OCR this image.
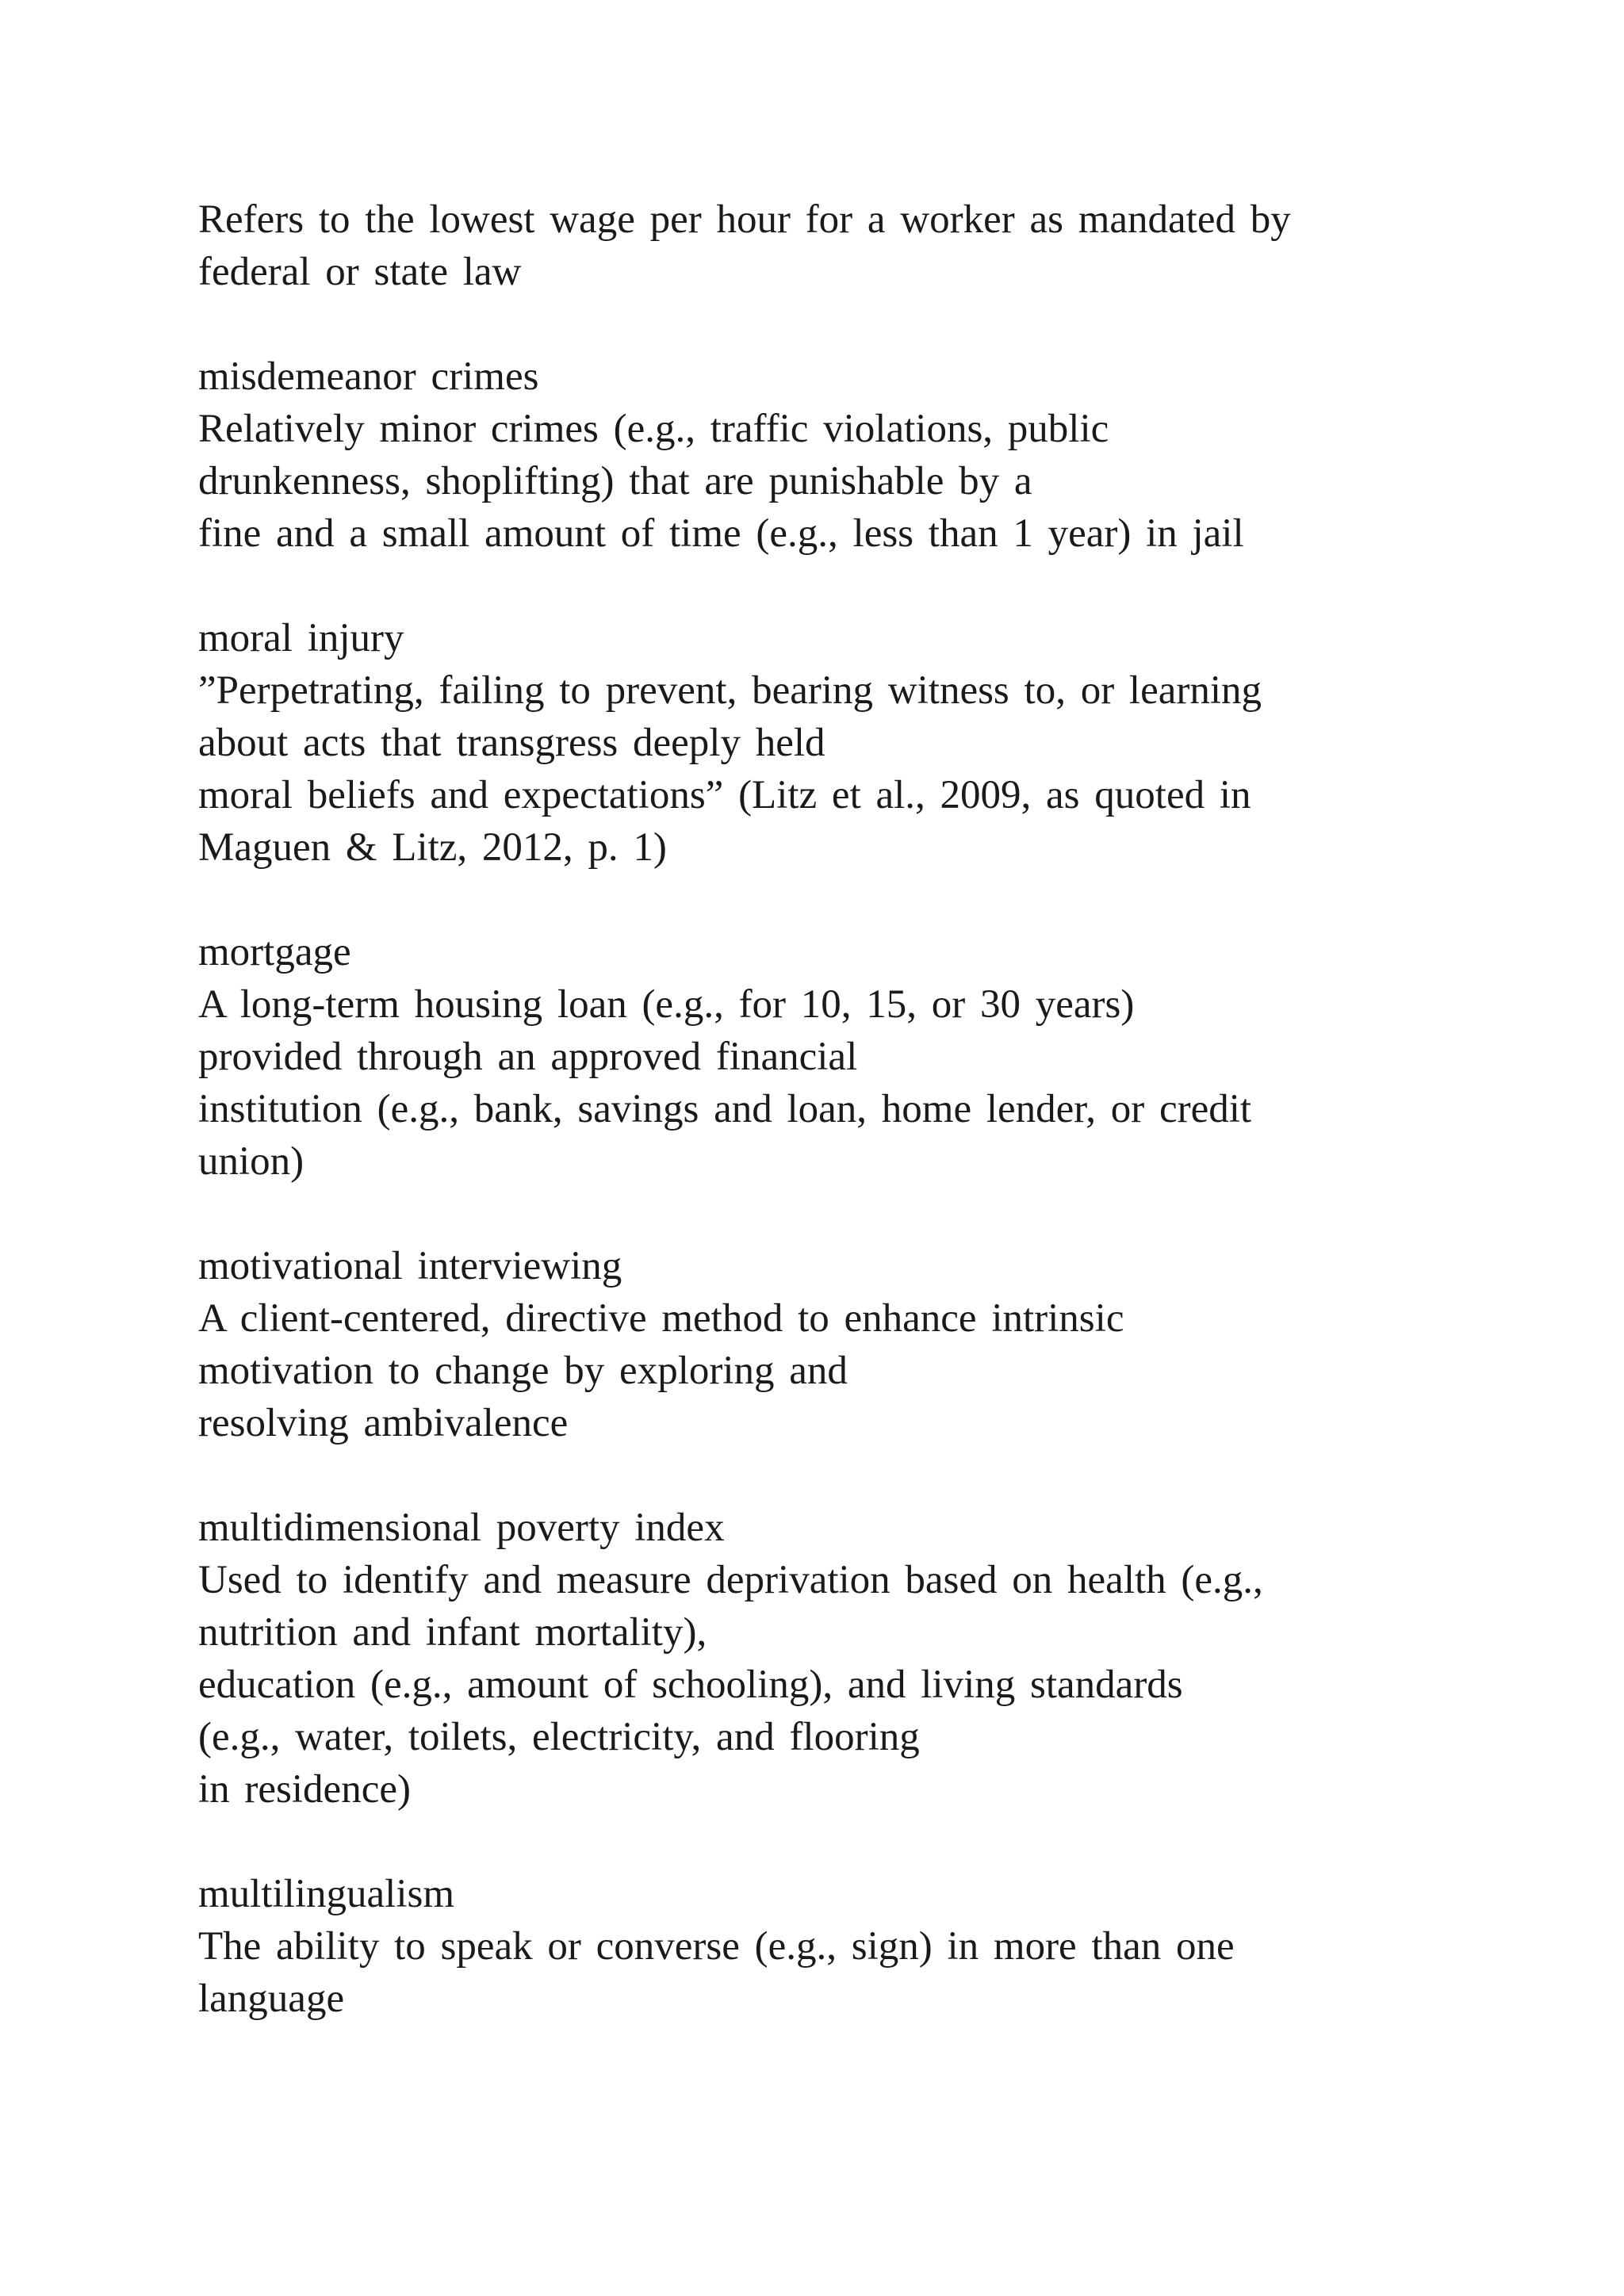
Refers to the lowest wage per hour for a worker as mandated by
federal or state law
misdemeanor crimes
Relatively minor crimes (e.g., traffic violations, public
drunkenness, shoplifting) that are punishable by a
fine and a small amount of time (e.g., less than 1 year) in jail
moral injury
”Perpetrating, failing to prevent, bearing witness to, or learning
about acts that transgress deeply held
moral beliefs and expectations” (Litz et al., 2009, as quoted in
Maguen & Litz, 2012, p. 1)
mortgage
A long-term housing loan (e.g., for 10, 15, or 30 years)
provided through an approved financial
institution (e.g., bank, savings and loan, home lender, or credit
union)
motivational interviewing
A client-centered, directive method to enhance intrinsic
motivation to change by exploring and
resolving ambivalence
multidimensional poverty index
Used to identify and measure deprivation based on health (e.g.,
nutrition and infant mortality),
education (e.g., amount of schooling), and living standards
(e.g., water, toilets, electricity, and flooring
in residence)
multilingualism
The ability to speak or converse (e.g., sign) in more than one
language
